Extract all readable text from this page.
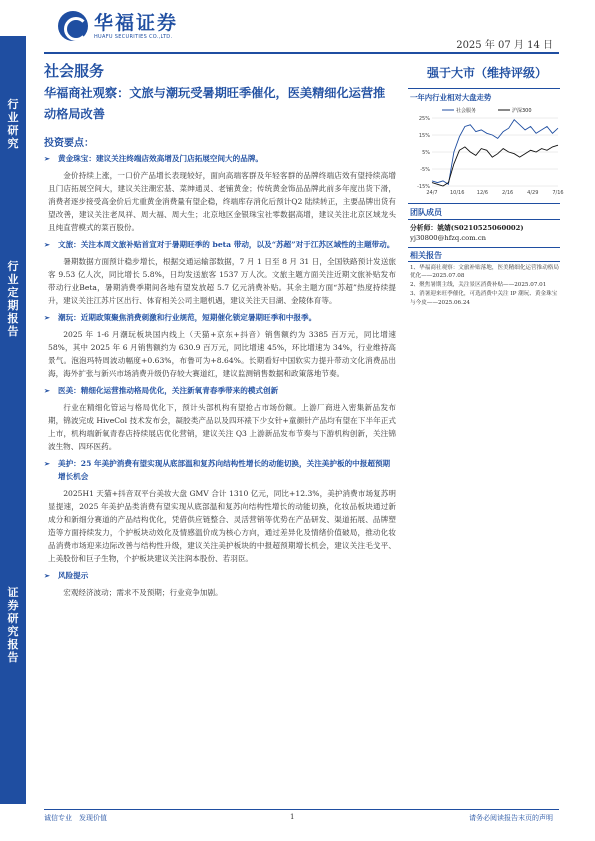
行业研究
行业定期报告
证券研究报告
华福证券
HUAFU SECURITIES CO.,LTD.
2025 年 07 月 14 日
社会服务
华福商社观察：文旅与潮玩受暑期旺季催化，医美精细化运营推动格局改善
投资要点：
➢	黄金珠宝：建议关注终端店效高增及门店拓展空间大的品牌。
金价持续上涨，一口价产品增长表现较好，面向高端客群及年轻客群的品牌终端店效有望持续高增且门店拓展空间大，建议关注潮宏基、菜绅通灵、老铺黄金；传统黄金饰品品牌此前多年度出货下滑，消费者逐步接受高金价后尤重黄金消费量有望企稳，终端库存消化后预计Q2 陆续转正，主要品牌出货有望改善，建议关注老凤祥、周大福、周大生；北京地区金银珠宝社零数据高增，建议关注北京区域龙头且纯直营模式的菜百股份。
➢	文旅：关注本周文旅补贴首宣对于暑期旺季的 beta 带动，以及“苏超”对于江苏区域性的主题带动。
暑期数据方面预计稳步增长，根据交通运输部数据，7 月 1 日至 8 月 31 日，全国铁路预计发送旅客 9.53 亿人次，同比增长 5.8%，日均发送旅客 1537 万人次。文旅主题方面关注近期文旅补贴发布带动行业Beta，暑期消费季期间各地有望发放超 5.7 亿元消费补贴。其余主题方面“苏超”热度持续提升，建议关注江苏片区出行、体育相关公司主题机遇，建议关注天目湖、金陵体育等。
➢	潮玩：近期政策聚焦消费刺激和行业规范，短期催化锁定暑期旺季和中报季。
2025 年 1-6 月潮玩板块国内线上（天猫+京东+抖音）销售额约为 3385 百万元，同比增速 58%，其中 2025 年 6 月销售额约为 630.9 百万元，同比增速 45%，环比增速为 34%，行业维持高景气。泡泡玛特周波动幅度+0.63%，布鲁可为+8.64%。长期看好中国软实力提升带动文化消费品出海，海外扩张与新兴市场消费升级仍存较大赛道红，建议监测销售数据和政策落地节奏。
➢	医美：精细化运营推动格局优化，关注新氧青春季带来的模式创新
行业在精细化管运与格局优化下，预计头部机构有望抢占市场份额。上游厂商进入密集新品发布期，锦波完成 HiveCol 技术发布会，凝胶类产品以及四环裱下少女针+童颜针产品均有望在下半年正式上市，机构端新氧青春店持续展店优化营销，建议关注 Q3 上游新品发布节奏与下游机构创新，关注锦波生物、四环医药。
➢	美护：25 年美护消费有望实现从底部温和复苏向结构性增长的动能切换，关注美护板的中报超预期增长机会
2025H1 天猫+抖音双平台美妆大盘 GMV 合计 1310 亿元，同比+12.3%，美护消费市场复苏明显提速，2025 年美护品类消费有望实现从底部温和复苏向结构性增长的动能切换，化妆品板块通过新成分和新细分赛道的产品结构优化，凭借供应链整合、灵活营销等优势在产品研发、渠道拓展、品牌塑造等方面持续发力，个护板块动效化及情感温价成为核心方向，通过差异化及情绪价值破局，推动化妆品消费市场迎来边际改善与结构性升级，建议关注美护板块的中报超预期增长机会，建议关注毛戈平、上美股份和巨子生物，个护板块建议关注润本股份、若羽臣。
➢	风险提示
宏观经济波动；需求不及预期；行业竞争加剧。
强于大市（维持评级）
一年内行业相对大盘走势
25%
15%
5%
-5%
-15%
24/7 10/16 12/6	2/16	4/29	7/16
社会服务	沪深300
团队成员
分析师：姚婧(S0210525060002)
yj30800@hfzq.com.cn
相关报告
1、华福商社观察：文旅补贴落地，医美精细化运营推动格局优化——2025.07.08
2、聚焦暑期主线，关注景区消费补贴——2025.07.01
3、消暑迎来旺季催化，可选消费中关注 IP 潮玩、黄金珠宝与今皮——2025.06.24
诚信专业　发现价值	1	请务必阅读报告末页的声明
